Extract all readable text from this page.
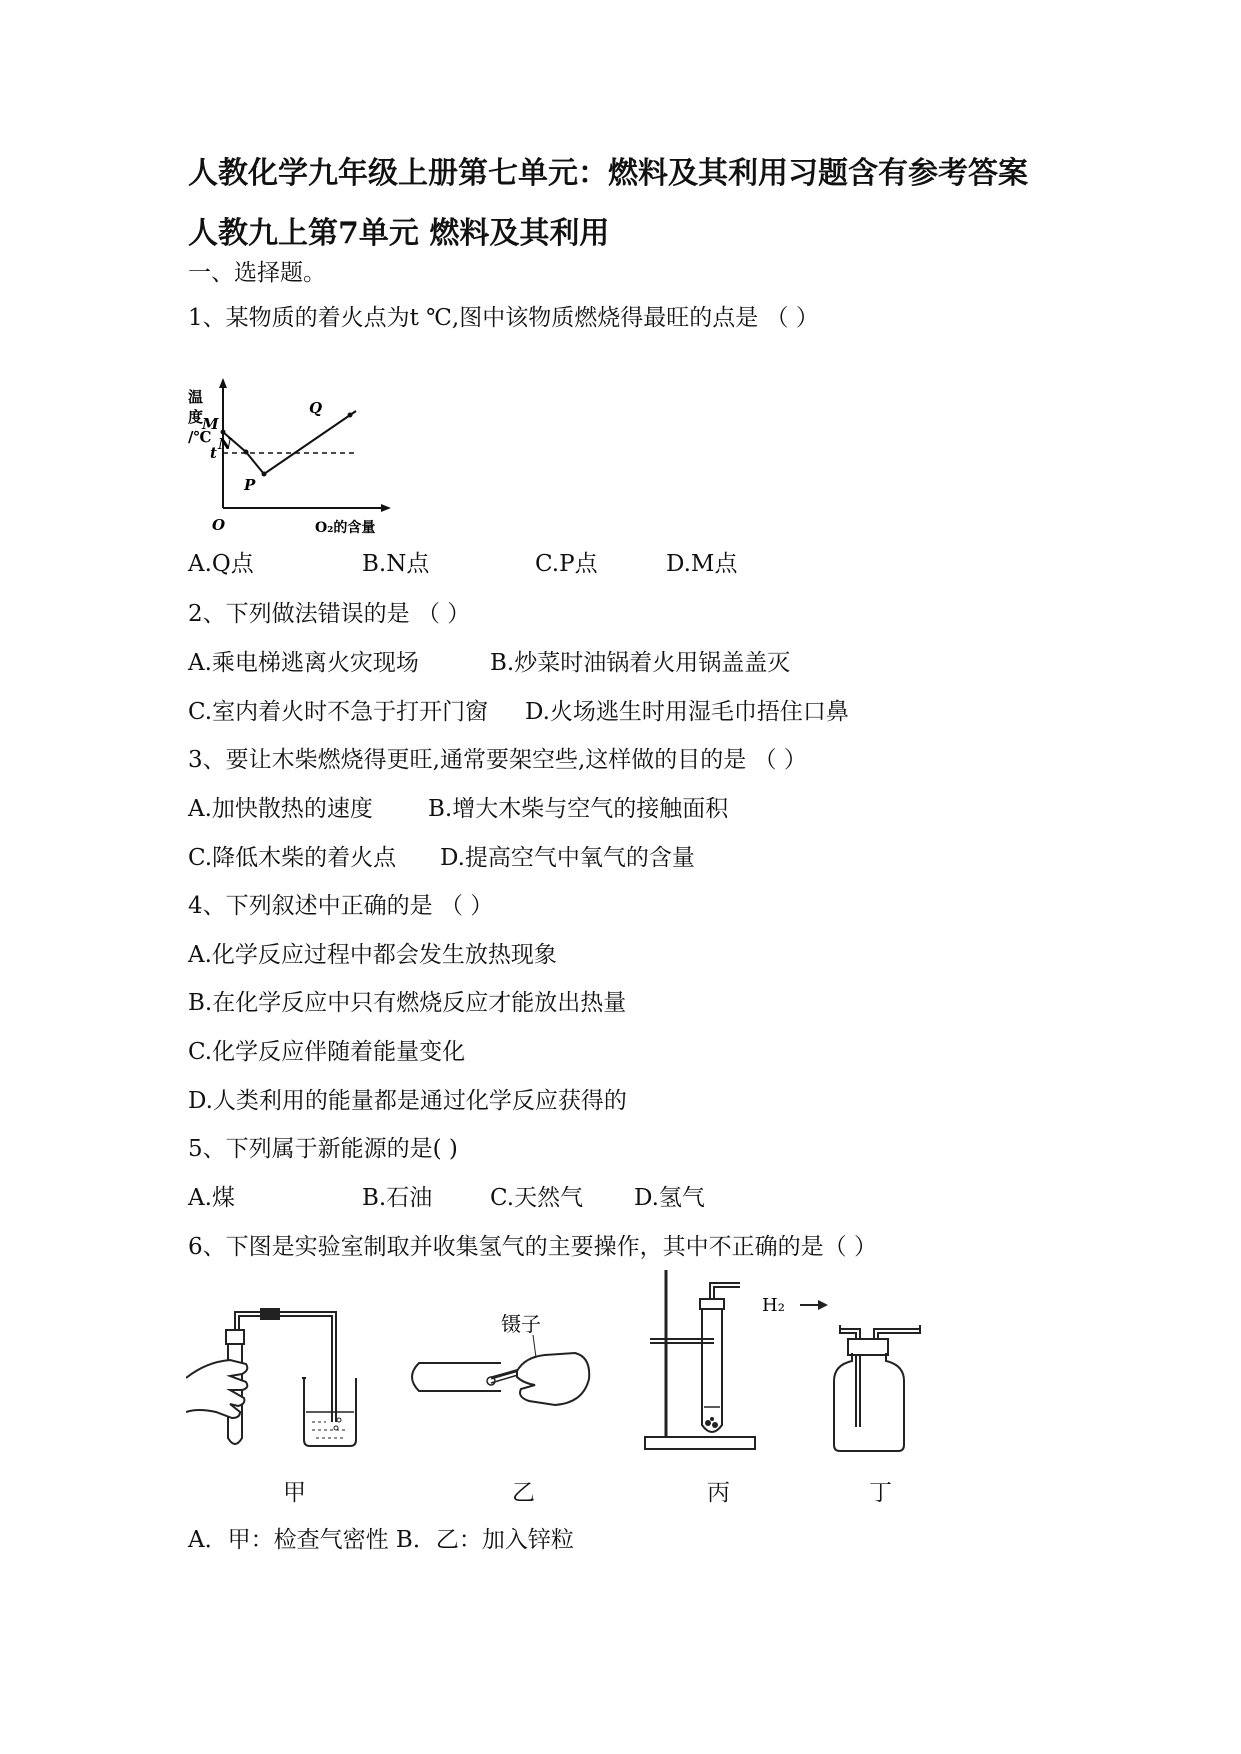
人教化学九年级上册第七单元：燃料及其利用习题含有参考答案
人教九上第7单元 燃料及其利用
一、选择题。
1、某物质的着火点为t ℃,图中该物质燃烧得最旺的点是 （ ）
温
度
/℃
M
N
P
Q
t
O	O₂的含量
A.Q点	B.N点	C.P点	D.M点
2、下列做法错误的是 （ ）
A.乘电梯逃离火灾现场	B.炒菜时油锅着火用锅盖盖灭
C.室内着火时不急于打开门窗 D.火场逃生时用湿毛巾捂住口鼻
3、要让木柴燃烧得更旺,通常要架空些,这样做的目的是 （ ）
A.加快散热的速度 B.增大木柴与空气的接触面积
C.降低木柴的着火点 D.提高空气中氧气的含量
4、下列叙述中正确的是 （ ）
A.化学反应过程中都会发生放热现象
B.在化学反应中只有燃烧反应才能放出热量
C.化学反应伴随着能量变化
D.人类利用的能量都是通过化学反应获得的
5、下列属于新能源的是( )
A.煤	B.石油	C.天然气 D.氢气
6、下图是实验室制取并收集氢气的主要操作，其中不正确的是（ ）
镊子
H₂
甲	乙	丙	丁
A．甲：检查气密性 B．乙：加入锌粒
